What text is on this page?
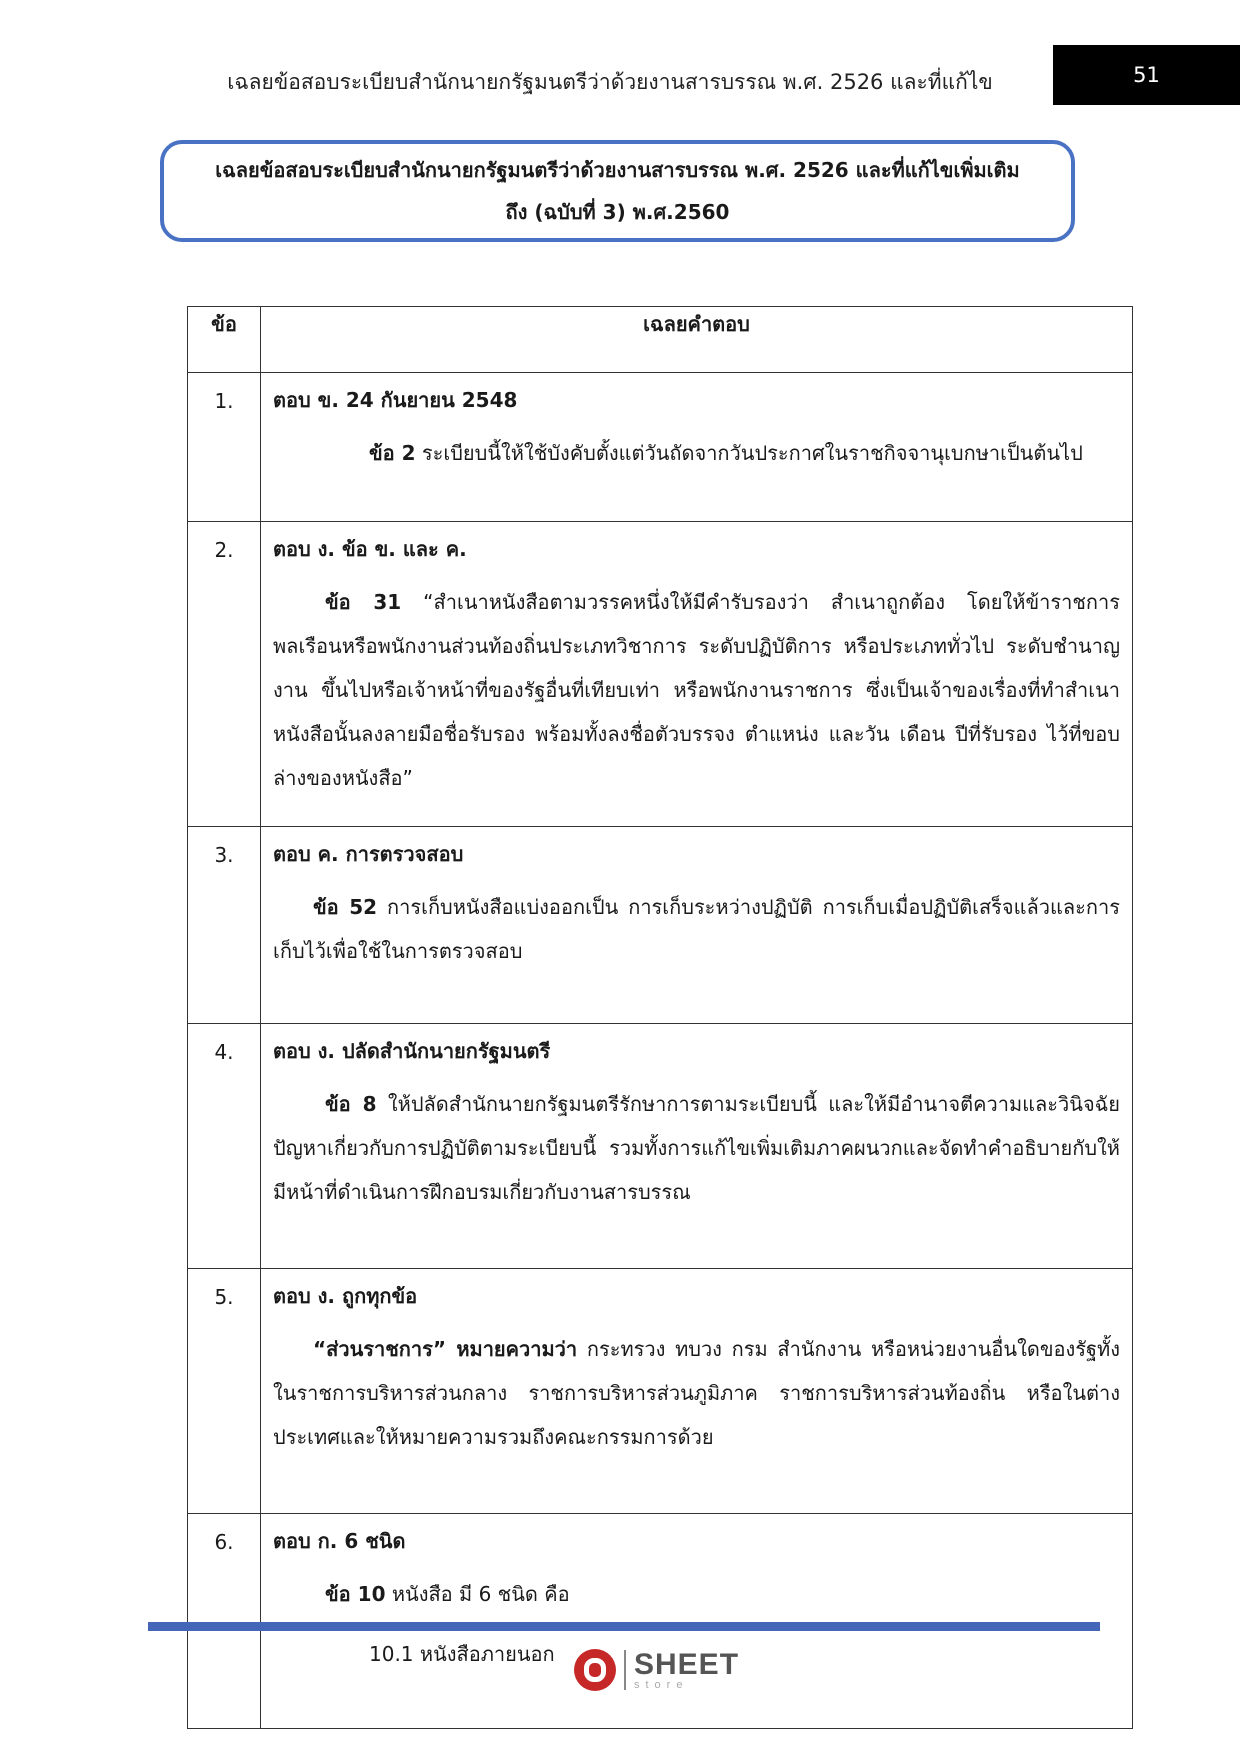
เฉลยข้อสอบระเบียบสำนักนายกรัฐมนตรีว่าด้วยงานสารบรรณ พ.ศ. 2526 และที่แก้ไข	51
เฉลยข้อสอบระเบียบสำนักนายกรัฐมนตรีว่าด้วยงานสารบรรณ พ.ศ. 2526 และที่แก้ไขเพิ่มเติม
ถึง (ฉบับที่ 3) พ.ศ.2560
ข้อ	เฉลยคำตอบ
1.	ตอบ ข. 24 กันยายน 2548
ข้อ 2 ระเบียบนี้ให้ใช้บังคับตั้งแต่วันถัดจากวันประกาศในราชกิจจานุเบกษาเป็นต้นไป

2.	ตอบ ง. ข้อ ข. และ ค.
ข้อ 31 “สำเนาหนังสือตามวรรคหนึ่งให้มีคำรับรองว่า สำเนาถูกต้อง โดยให้ข้าราชการพลเรือนหรือพนักงานส่วนท้องถิ่นประเภทวิชาการ ระดับปฏิบัติการ หรือประเภททั่วไป ระดับชำนาญงาน ขึ้นไปหรือเจ้าหน้าที่ของรัฐอื่นที่เทียบเท่า หรือพนักงานราชการ ซึ่งเป็นเจ้าของเรื่องที่ทำสำเนาหนังสือนั้นลงลายมือชื่อรับรอง พร้อมทั้งลงชื่อตัวบรรจง ตำแหน่ง และวัน เดือน ปีที่รับรอง ไว้ที่ขอบล่างของหนังสือ”

3.	ตอบ ค. การตรวจสอบ
ข้อ 52 การเก็บหนังสือแบ่งออกเป็น การเก็บระหว่างปฏิบัติ การเก็บเมื่อปฏิบัติเสร็จแล้วและการเก็บไว้เพื่อใช้ในการตรวจสอบ

4.	ตอบ ง. ปลัดสำนักนายกรัฐมนตรี
ข้อ 8 ให้ปลัดสำนักนายกรัฐมนตรีรักษาการตามระเบียบนี้ และให้มีอำนาจตีความและวินิจฉัยปัญหาเกี่ยวกับการปฏิบัติตามระเบียบนี้ รวมทั้งการแก้ไขเพิ่มเติมภาคผนวกและจัดทำคำอธิบายกับให้มีหน้าที่ดำเนินการฝึกอบรมเกี่ยวกับงานสารบรรณ

5.	ตอบ ง. ถูกทุกข้อ
“ส่วนราชการ” หมายความว่า กระทรวง ทบวง กรม สำนักงาน หรือหน่วยงานอื่นใดของรัฐทั้งในราชการบริหารส่วนกลาง ราชการบริหารส่วนภูมิภาค ราชการบริหารส่วนท้องถิ่น หรือในต่างประเทศและให้หมายความรวมถึงคณะกรรมการด้วย

6.	ตอบ ก. 6 ชนิด
ข้อ 10 หนังสือ มี 6 ชนิด คือ
10.1 หนังสือภายนอก	SHEET
store
